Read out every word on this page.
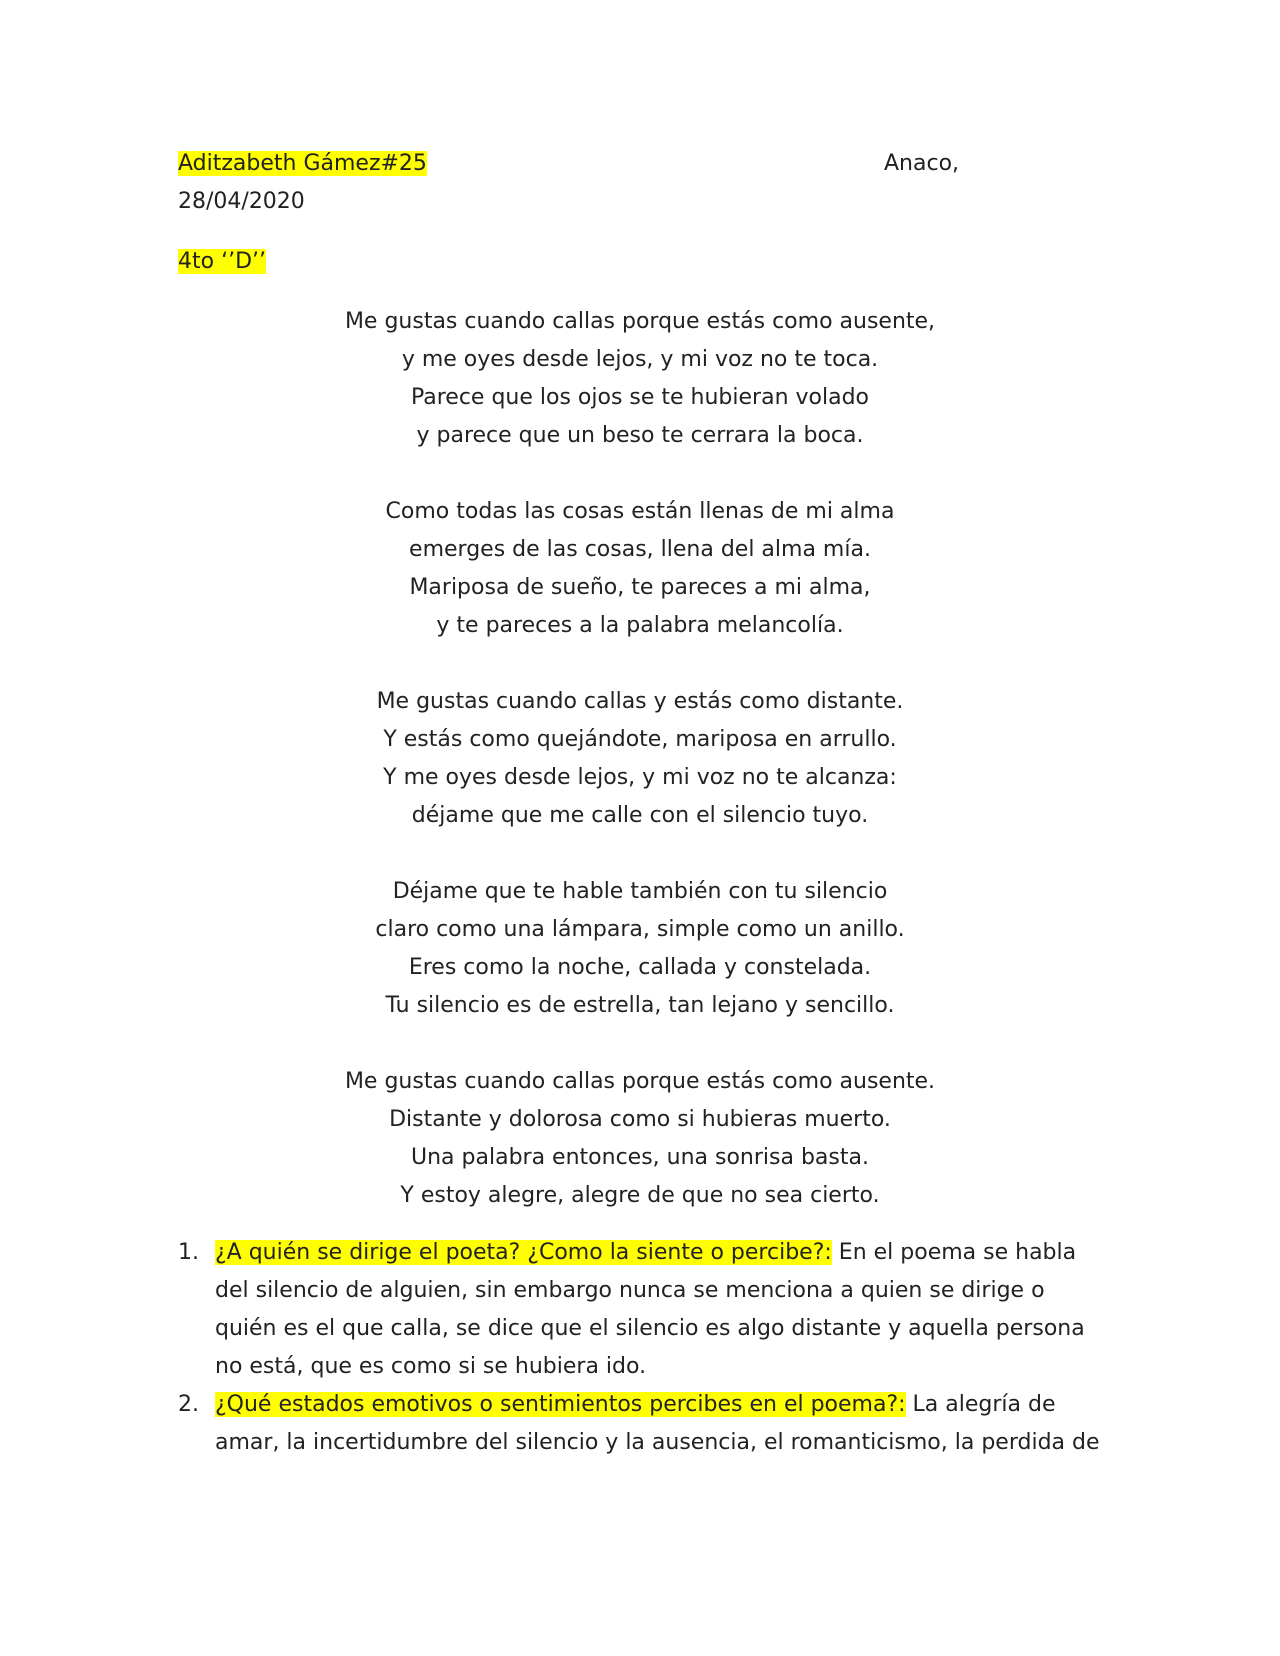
Aditzabeth Gámez#25	Anaco,
28/04/2020
4to ‘’D’’
Me gustas cuando callas porque estás como ausente,
y me oyes desde lejos, y mi voz no te toca.
Parece que los ojos se te hubieran volado
y parece que un beso te cerrara la boca.
Como todas las cosas están llenas de mi alma
emerges de las cosas, llena del alma mía.
Mariposa de sueño, te pareces a mi alma,
y te pareces a la palabra melancolía.
Me gustas cuando callas y estás como distante.
Y estás como quejándote, mariposa en arrullo.
Y me oyes desde lejos, y mi voz no te alcanza:
déjame que me calle con el silencio tuyo.
Déjame que te hable también con tu silencio
claro como una lámpara, simple como un anillo.
Eres como la noche, callada y constelada.
Tu silencio es de estrella, tan lejano y sencillo.
Me gustas cuando callas porque estás como ausente.
Distante y dolorosa como si hubieras muerto.
Una palabra entonces, una sonrisa basta.
Y estoy alegre, alegre de que no sea cierto.
1. ¿A quién se dirige el poeta? ¿Como la siente o percibe?: En el poema se habla
del silencio de alguien, sin embargo nunca se menciona a quien se dirige o
quién es el que calla, se dice que el silencio es algo distante y aquella persona
no está, que es como si se hubiera ido.
2. ¿Qué estados emotivos o sentimientos percibes en el poema?: La alegría de
amar, la incertidumbre del silencio y la ausencia, el romanticismo, la perdida de
